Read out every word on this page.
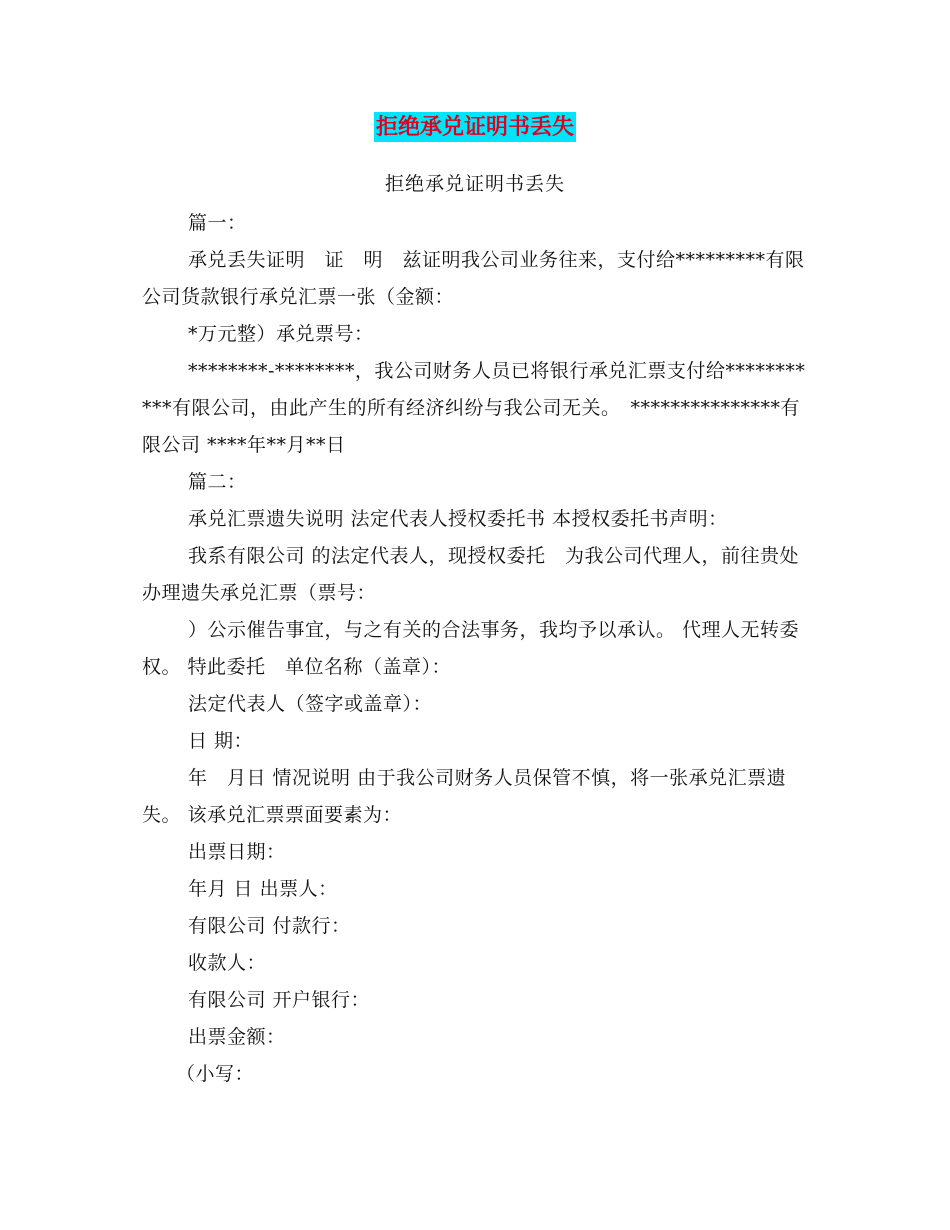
拒绝承兑证明书丢失
拒绝承兑证明书丢失

篇一：

承兑丢失证明　证　明　兹证明我公司业务往来，支付给*********有限公司货款银行承兑汇票一张（金额：

*万元整）承兑票号：

********-********，我公司财务人员已将银行承兑汇票支付给***********有限公司，由此产生的所有经济纠纷与我公司无关。　***************有限公司 ****年**月**日

篇二：

承兑汇票遗失说明 法定代表人授权委托书 本授权委托书声明：

我系有限公司 的法定代表人，现授权委托　为我公司代理人，前往贵处办理遗失承兑汇票（票号：

）公示催告事宜，与之有关的合法事务，我均予以承认。 代理人无转委权。 特此委托　单位名称（盖章）：

法定代表人（签字或盖章）：

日 期：

年　月日 情况说明 由于我公司财务人员保管不慎，将一张承兑汇票遗失。 该承兑汇票票面要素为：

出票日期：

年月 日 出票人：

有限公司 付款行：

收款人：

有限公司 开户银行：

出票金额：

（小写：
